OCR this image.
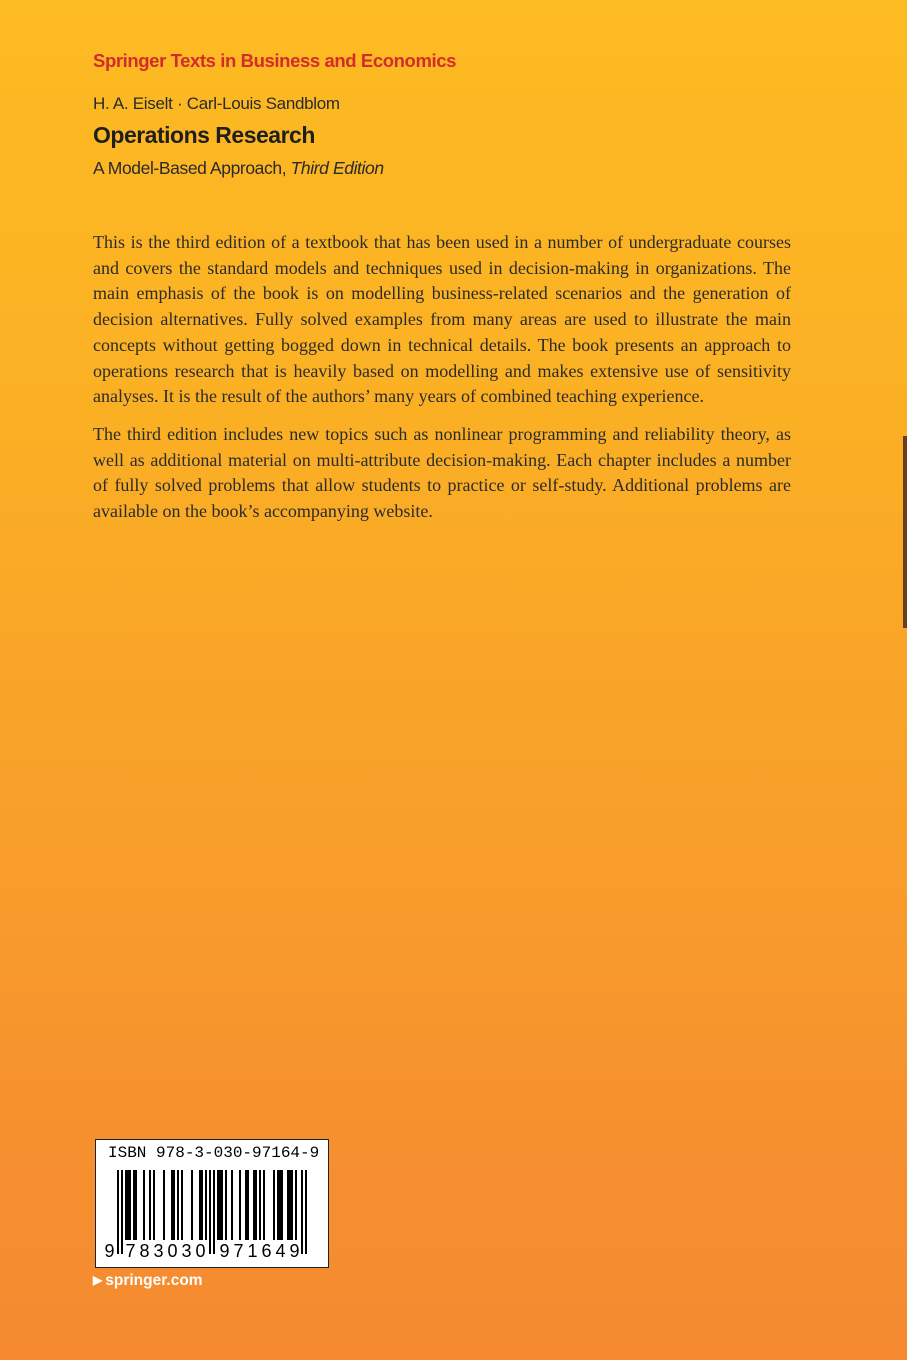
Springer Texts in Business and Economics
H. A. Eiselt · Carl-Louis Sandblom
Operations Research
A Model-Based Approach, Third Edition

This is the third edition of a textbook that has been used in a number of undergraduate courses and covers the standard models and techniques used in decision-making in organizations. The main emphasis of the book is on modelling business-related scenarios and the generation of decision alternatives. Fully solved examples from many areas are used to illustrate the main concepts without getting bogged down in technical details. The book presents an approach to operations research that is heavily based on modelling and makes extensive use of sensitivity analyses. It is the result of the authors’ many years of combined teaching experience.

The third edition includes new topics such as nonlinear programming and reliability theory, as well as additional material on multi-attribute decision-making. Each chapter includes a number of fully solved problems that allow students to practice or self-study. Additional problems are available on the book’s accompanying website.

ISBN 978-3-030-97164-9
9 7 8 3 0 3 0 9 7 1 6 4 9
▶ springer.com
